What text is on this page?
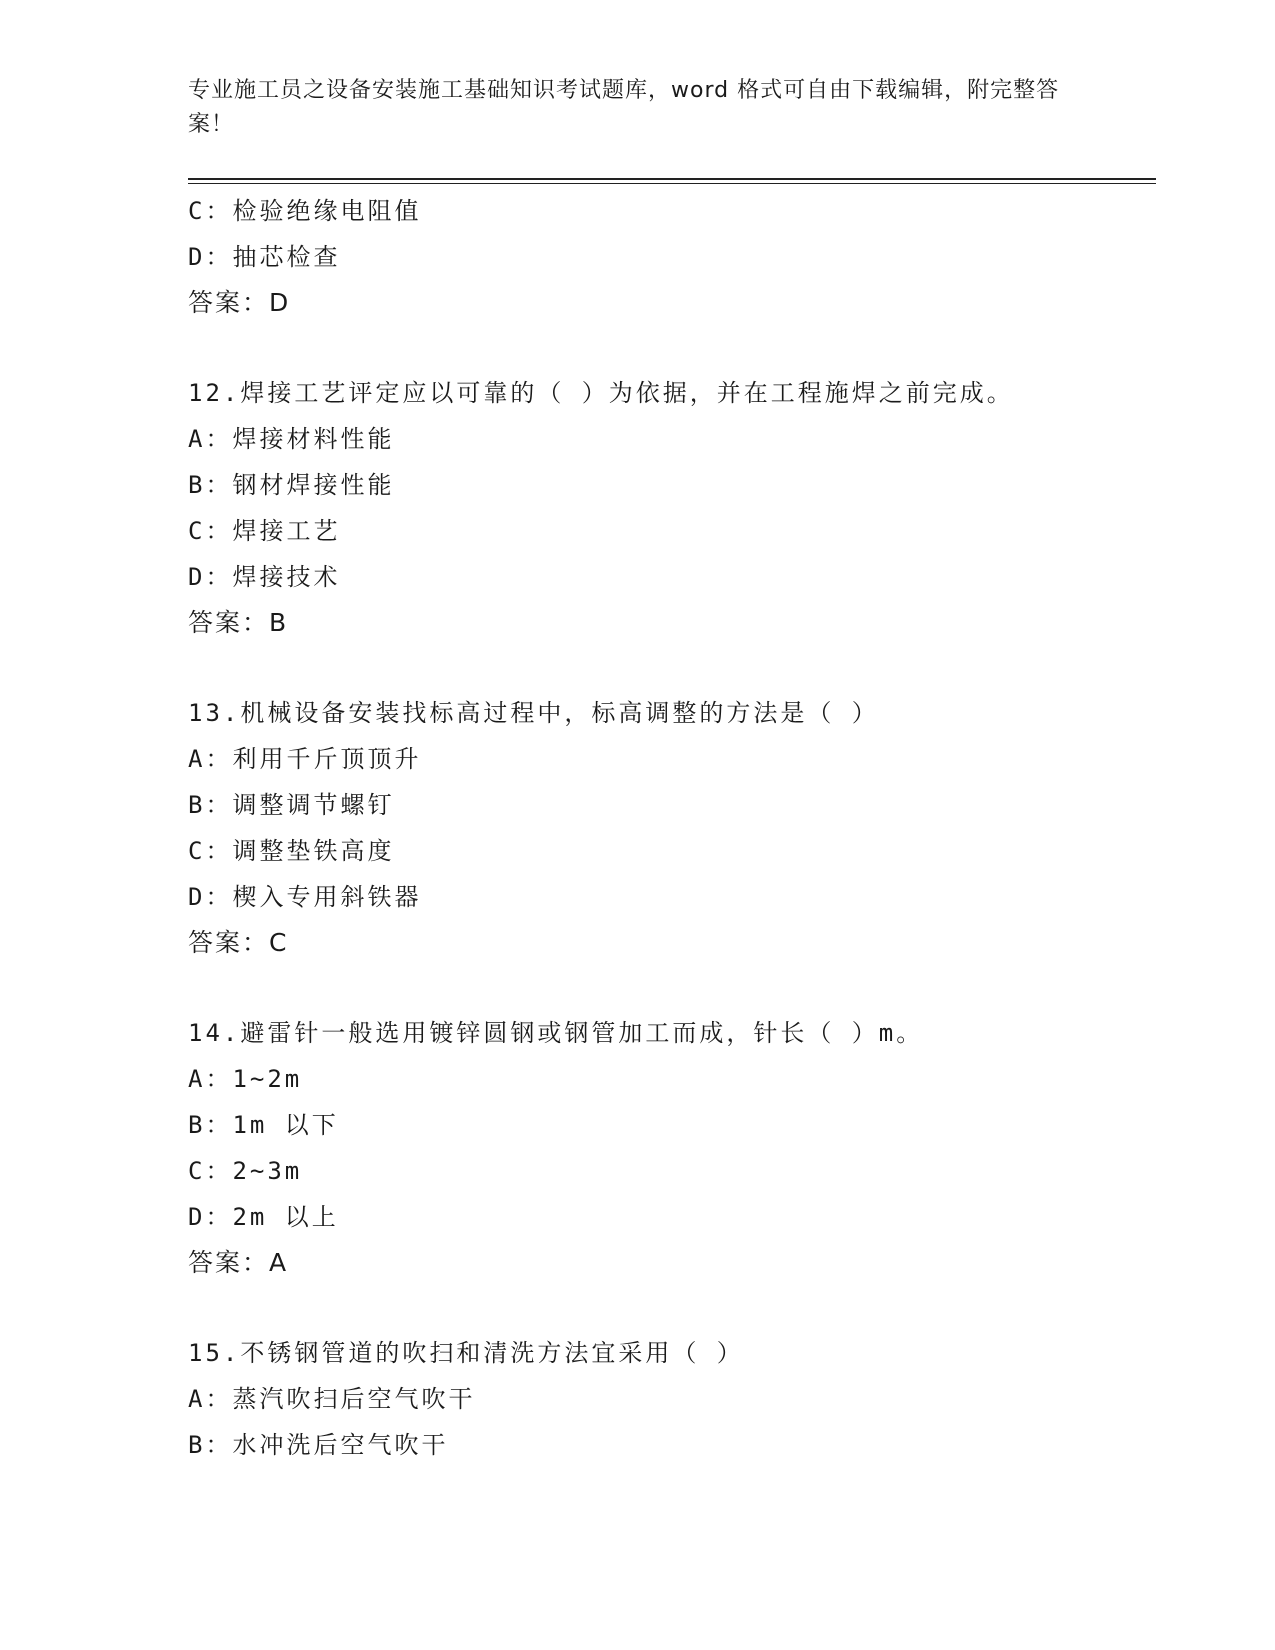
专业施工员之设备安装施工基础知识考试题库，word 格式可自由下载编辑，附完整答案！
C：检验绝缘电阻值
D：抽芯检查
答案：D
12.焊接工艺评定应以可靠的（ ）为依据，并在工程施焊之前完成。
A：焊接材料性能
B：钢材焊接性能
C：焊接工艺
D：焊接技术
答案：B
13.机械设备安装找标高过程中，标高调整的方法是（ ）
A：利用千斤顶顶升
B：调整调节螺钉
C：调整垫铁高度
D：楔入专用斜铁器
答案：C
14.避雷针一般选用镀锌圆钢或钢管加工而成，针长（ ）m。
A：1~2m
B：1m 以下
C：2~3m
D：2m 以上
答案：A
15.不锈钢管道的吹扫和清洗方法宜采用（ ）
A：蒸汽吹扫后空气吹干
B：水冲洗后空气吹干
